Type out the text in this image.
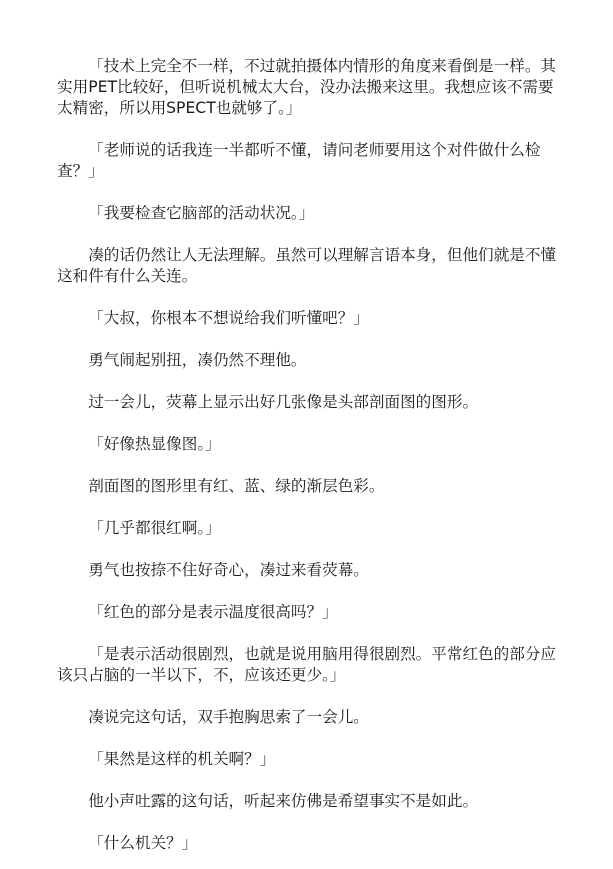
「技术上完全不一样，不过就拍摄体内情形的角度来看倒是一样。其实用PET比较好，但听说机械太大台，没办法搬来这里。我想应该不需要太精密，所以用SPECT也就够了。」

「老师说的话我连一半都听不懂，请问老师要用这个对件做什么检查？」

「我要检查它脑部的活动状况。」

凑的话仍然让人无法理解。虽然可以理解言语本身，但他们就是不懂这和件有什么关连。

「大叔，你根本不想说给我们听懂吧？」

勇气闹起别扭，凑仍然不理他。

过一会儿，荧幕上显示出好几张像是头部剖面图的图形。

「好像热显像图。」

剖面图的图形里有红、蓝、绿的渐层色彩。

「几乎都很红啊。」

勇气也按捺不住好奇心，凑过来看荧幕。

「红色的部分是表示温度很高吗？」

「是表示活动很剧烈，也就是说用脑用得很剧烈。平常红色的部分应该只占脑的一半以下，不，应该还更少。」

凑说完这句话，双手抱胸思索了一会儿。

「果然是这样的机关啊？」

他小声吐露的这句话，听起来仿佛是希望事实不是如此。

「什么机关？」
